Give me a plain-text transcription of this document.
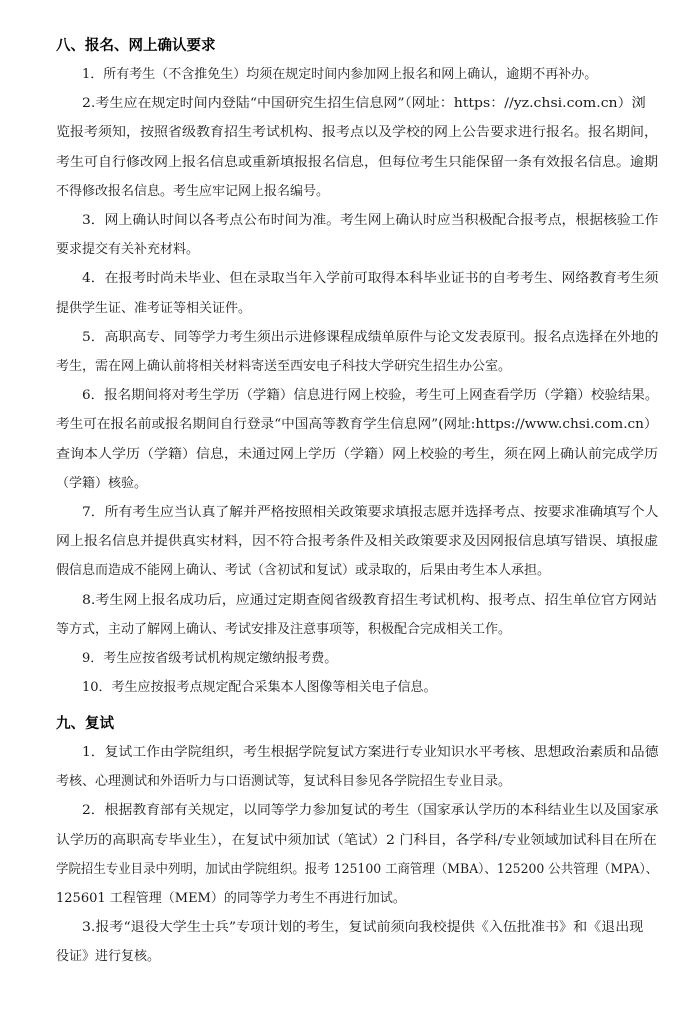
八、报名、网上确认要求
1．所有考生（不含推免生）均须在规定时间内参加网上报名和网上确认，逾期不再补办。
2.考生应在规定时间内登陆“中国研究生招生信息网”（网址：https：//yz.chsi.com.cn）浏
览报考须知，按照省级教育招生考试机构、报考点以及学校的网上公告要求进行报名。报名期间，
考生可自行修改网上报名信息或重新填报报名信息，但每位考生只能保留一条有效报名信息。逾期
不得修改报名信息。考生应牢记网上报名编号。
3．网上确认时间以各考点公布时间为准。考生网上确认时应当积极配合报考点，根据核验工作
要求提交有关补充材料。
4．在报考时尚未毕业、但在录取当年入学前可取得本科毕业证书的自考考生、网络教育考生须
提供学生证、准考证等相关证件。
5．高职高专、同等学力考生须出示进修课程成绩单原件与论文发表原刊。报名点选择在外地的
考生，需在网上确认前将相关材料寄送至西安电子科技大学研究生招生办公室。
6．报名期间将对考生学历（学籍）信息进行网上校验，考生可上网查看学历（学籍）校验结果。
考生可在报名前或报名期间自行登录“中国高等教育学生信息网”(网址:https://www.chsi.com.cn）
查询本人学历（学籍）信息，未通过网上学历（学籍）网上校验的考生，须在网上确认前完成学历
（学籍）核验。
7．所有考生应当认真了解并严格按照相关政策要求填报志愿并选择考点、按要求准确填写个人
网上报名信息并提供真实材料，因不符合报考条件及相关政策要求及因网报信息填写错误、填报虚
假信息而造成不能网上确认、考试（含初试和复试）或录取的，后果由考生本人承担。
8.考生网上报名成功后，应通过定期查阅省级教育招生考试机构、报考点、招生单位官方网站
等方式，主动了解网上确认、考试安排及注意事项等，积极配合完成相关工作。
9．考生应按省级考试机构规定缴纳报考费。
10．考生应按报考点规定配合采集本人图像等相关电子信息。
九、复试
1．复试工作由学院组织，考生根据学院复试方案进行专业知识水平考核、思想政治素质和品德
考核、心理测试和外语听力与口语测试等，复试科目参见各学院招生专业目录。
2．根据教育部有关规定，以同等学力参加复试的考生（国家承认学历的本科结业生以及国家承
认学历的高职高专毕业生），在复试中须加试（笔试）2 门科目，各学科/专业领域加试科目在所在
学院招生专业目录中列明，加试由学院组织。报考 125100 工商管理（MBA）、125200 公共管理（MPA）、
125601 工程管理（MEM）的同等学力考生不再进行加试。
3.报考“退役大学生士兵”专项计划的考生，复试前须向我校提供《入伍批准书》和《退出现
役证》进行复核。
